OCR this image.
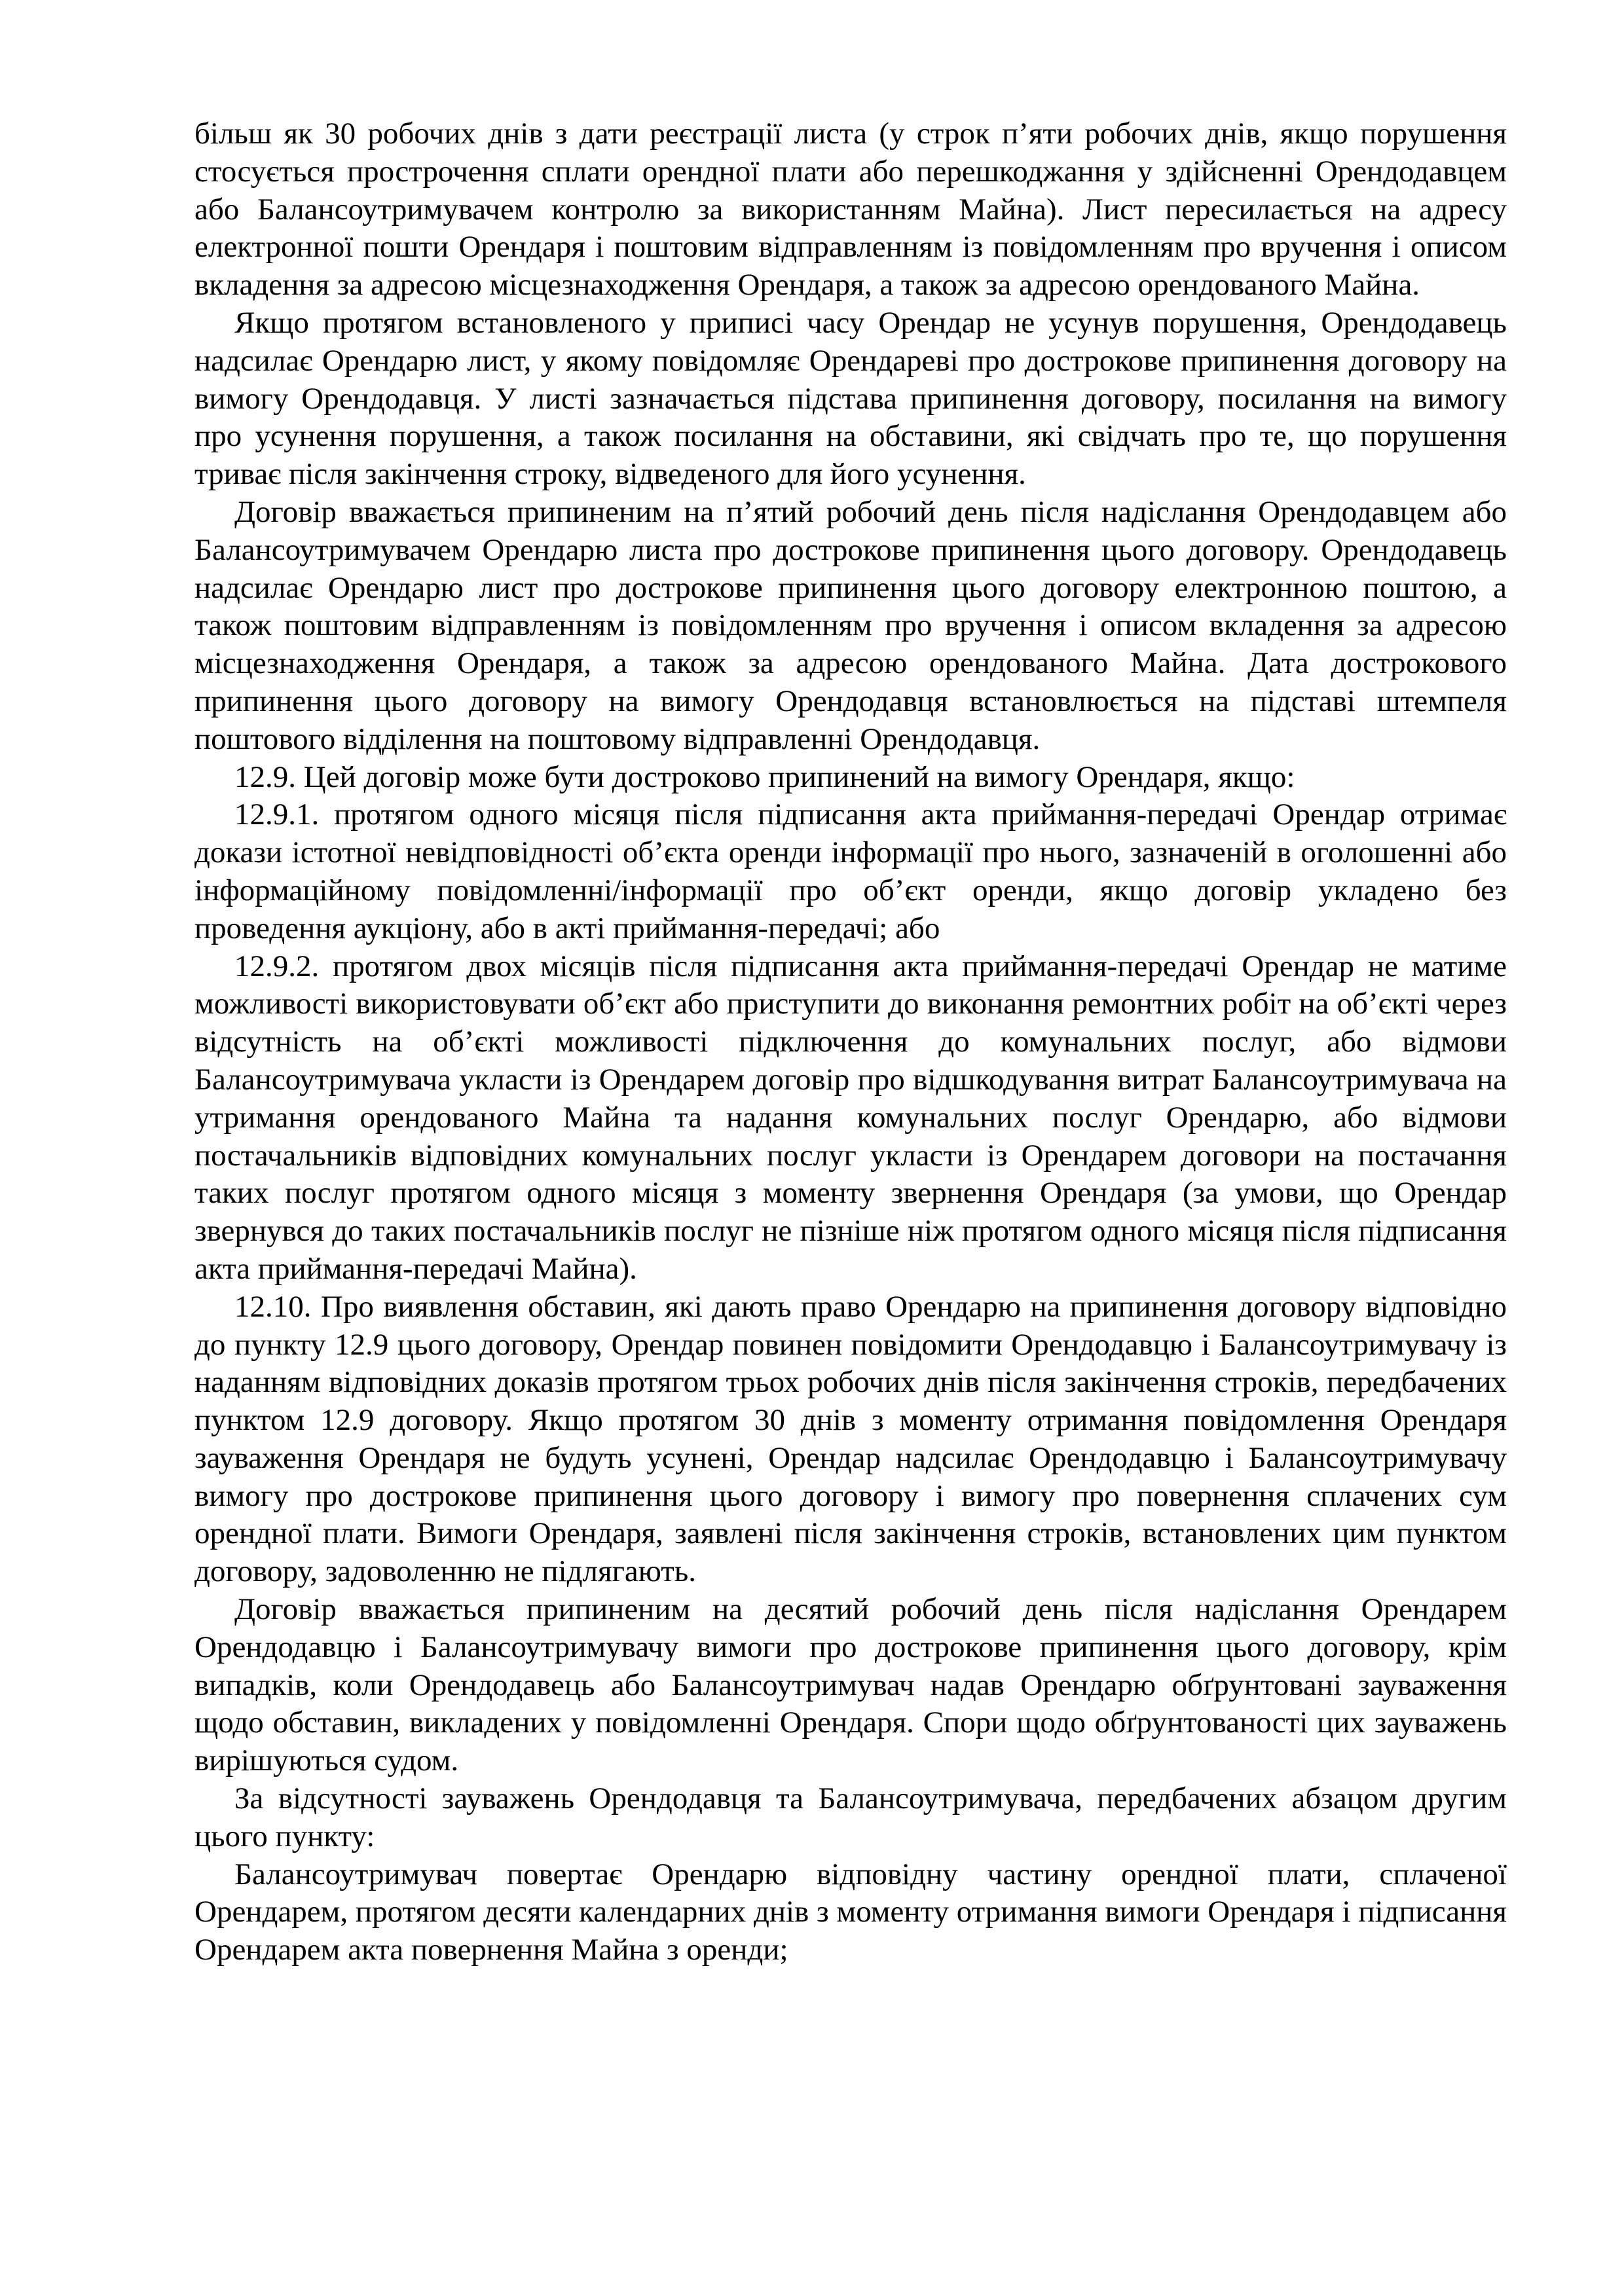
більш як 30 робочих днів з дати реєстрації листа (у строк п’яти робочих днів, якщо порушення стосується прострочення сплати орендної плати або перешкоджання у здійсненні Орендодавцем або Балансоутримувачем контролю за використанням Майна). Лист пересилається на адресу електронної пошти Орендаря і поштовим відправленням із повідомленням про вручення і описом вкладення за адресою місцезнаходження Орендаря, а також за адресою орендованого Майна.

Якщо протягом встановленого у приписі часу Орендар не усунув порушення, Орендодавець надсилає Орендарю лист, у якому повідомляє Орендареві про дострокове припинення договору на вимогу Орендодавця. У листі зазначається підстава припинення договору, посилання на вимогу про усунення порушення, а також посилання на обставини, які свідчать про те, що порушення триває після закінчення строку, відведеного для його усунення.

Договір вважається припиненим на п’ятий робочий день після надіслання Орендодавцем або Балансоутримувачем Орендарю листа про дострокове припинення цього договору. Орендодавець надсилає Орендарю лист про дострокове припинення цього договору електронною поштою, а також поштовим відправленням із повідомленням про вручення і описом вкладення за адресою місцезнаходження Орендаря, а також за адресою орендованого Майна. Дата дострокового припинення цього договору на вимогу Орендодавця встановлюється на підставі штемпеля поштового відділення на поштовому відправленні Орендодавця.

12.9. Цей договір може бути достроково припинений на вимогу Орендаря, якщо:

12.9.1. протягом одного місяця після підписання акта приймання-передачі Орендар отримає докази істотної невідповідності об’єкта оренди інформації про нього, зазначеній в оголошенні або інформаційному повідомленні/інформації про об’єкт оренди, якщо договір укладено без проведення аукціону, або в акті приймання-передачі; або

12.9.2. протягом двох місяців після підписання акта приймання-передачі Орендар не матиме можливості використовувати об’єкт або приступити до виконання ремонтних робіт на об’єкті через відсутність на об’єкті можливості підключення до комунальних послуг, або відмови Балансоутримувача укласти із Орендарем договір про відшкодування витрат Балансоутримувача на утримання орендованого Майна та надання комунальних послуг Орендарю, або відмови постачальників відповідних комунальних послуг укласти із Орендарем договори на постачання таких послуг протягом одного місяця з моменту звернення Орендаря (за умови, що Орендар звернувся до таких постачальників послуг не пізніше ніж протягом одного місяця після підписання акта приймання-передачі Майна).

12.10. Про виявлення обставин, які дають право Орендарю на припинення договору відповідно до пункту 12.9 цього договору, Орендар повинен повідомити Орендодавцю і Балансоутримувачу із наданням відповідних доказів протягом трьох робочих днів після закінчення строків, передбачених пунктом 12.9 договору. Якщо протягом 30 днів з моменту отримання повідомлення Орендаря зауваження Орендаря не будуть усунені, Орендар надсилає Орендодавцю і Балансоутримувачу вимогу про дострокове припинення цього договору і вимогу про повернення сплачених сум орендної плати. Вимоги Орендаря, заявлені після закінчення строків, встановлених цим пунктом договору, задоволенню не підлягають.

Договір вважається припиненим на десятий робочий день після надіслання Орендарем Орендодавцю і Балансоутримувачу вимоги про дострокове припинення цього договору, крім випадків, коли Орендодавець або Балансоутримувач надав Орендарю обґрунтовані зауваження щодо обставин, викладених у повідомленні Орендаря. Спори щодо обґрунтованості цих зауважень вирішуються судом.

За відсутності зауважень Орендодавця та Балансоутримувача, передбачених абзацом другим цього пункту:

Балансоутримувач повертає Орендарю відповідну частину орендної плати, сплаченої Орендарем, протягом десяти календарних днів з моменту отримання вимоги Орендаря і підписання Орендарем акта повернення Майна з оренди;
